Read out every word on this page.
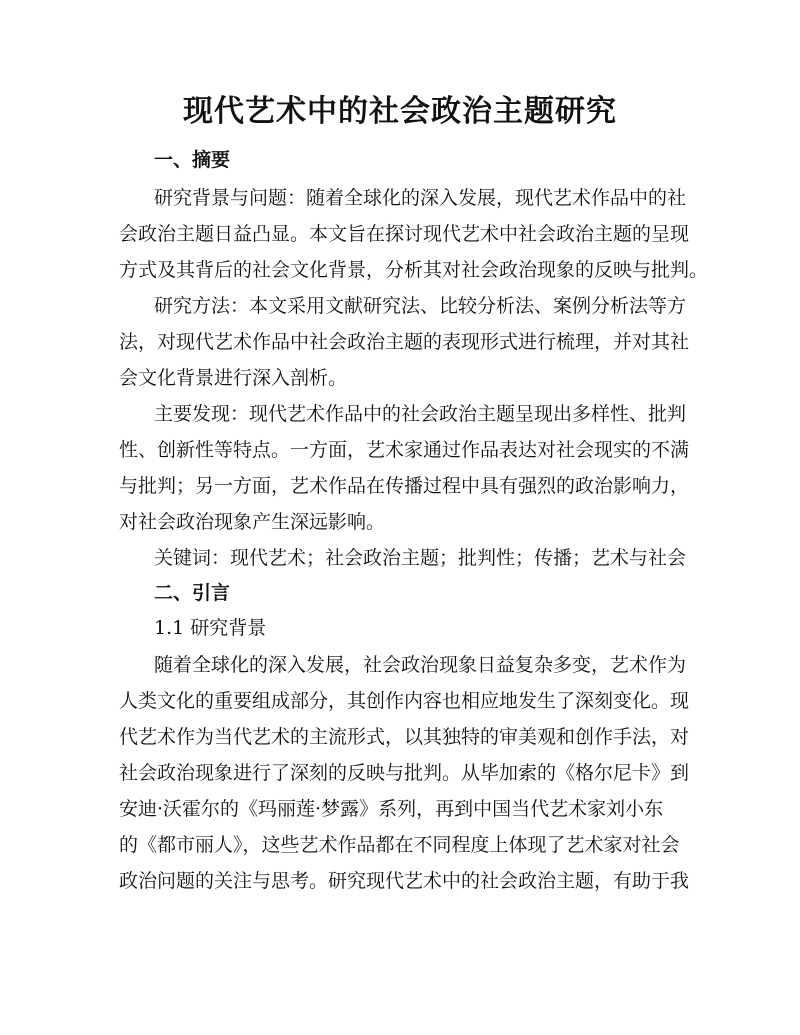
现代艺术中的社会政治主题研究
一、摘要

研究背景与问题：随着全球化的深入发展，现代艺术作品中的社

会政治主题日益凸显。本文旨在探讨现代艺术中社会政治主题的呈现

方式及其背后的社会文化背景，分析其对社会政治现象的反映与批判。

研究方法：本文采用文献研究法、比较分析法、案例分析法等方

法，对现代艺术作品中社会政治主题的表现形式进行梳理，并对其社

会文化背景进行深入剖析。

主要发现：现代艺术作品中的社会政治主题呈现出多样性、批判

性、创新性等特点。一方面，艺术家通过作品表达对社会现实的不满

与批判；另一方面，艺术作品在传播过程中具有强烈的政治影响力，

对社会政治现象产生深远影响。

关键词：现代艺术；社会政治主题；批判性；传播；艺术与社会

二、引言

1.1 研究背景

随着全球化的深入发展，社会政治现象日益复杂多变，艺术作为

人类文化的重要组成部分，其创作内容也相应地发生了深刻变化。现

代艺术作为当代艺术的主流形式，以其独特的审美观和创作手法，对

社会政治现象进行了深刻的反映与批判。从毕加索的《格尔尼卡》到

安迪·沃霍尔的《玛丽莲·梦露》系列，再到中国当代艺术家刘小东

的《都市丽人》，这些艺术作品都在不同程度上体现了艺术家对社会

政治问题的关注与思考。研究现代艺术中的社会政治主题，有助于我
